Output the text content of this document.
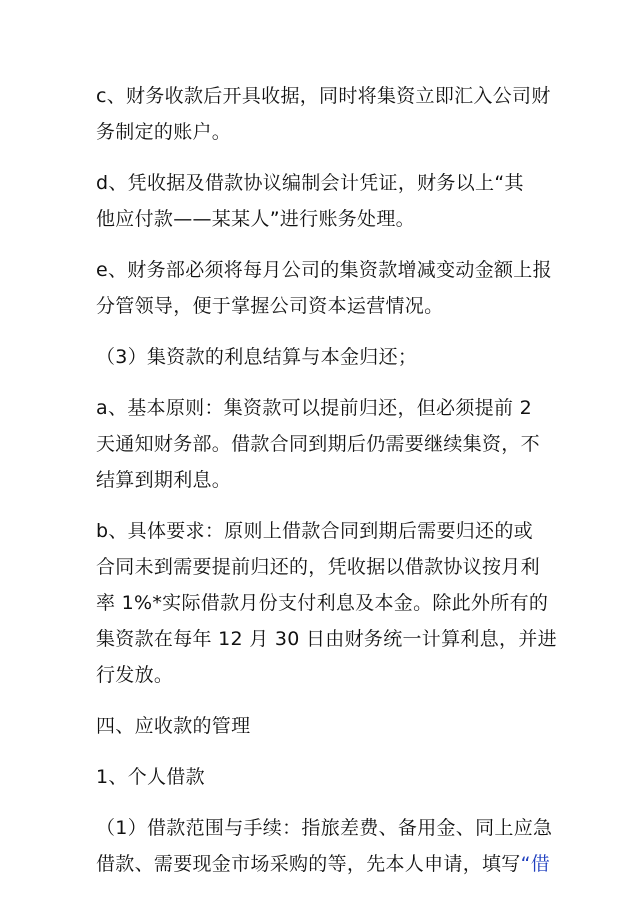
c、财务收款后开具收据，同时将集资立即汇入公司财
务制定的账户。
d、凭收据及借款协议编制会计凭证，财务以上“其
他应付款——某某人”进行账务处理。
e、财务部必须将每月公司的集资款增减变动金额上报
分管领导，便于掌握公司资本运营情况。
（3）集资款的利息结算与本金归还；
a、基本原则：集资款可以提前归还，但必须提前 2
天通知财务部。借款合同到期后仍需要继续集资，不
结算到期利息。
b、具体要求：原则上借款合同到期后需要归还的或
合同未到需要提前归还的，凭收据以借款协议按月利
率 1%*实际借款月份支付利息及本金。除此外所有的
集资款在每年 12 月 30 日由财务统一计算利息，并进
行发放。
四、应收款的管理
1、个人借款
（1）借款范围与手续：指旅差费、备用金、同上应急
借款、需要现金市场采购的等，先本人申请，填写“借
